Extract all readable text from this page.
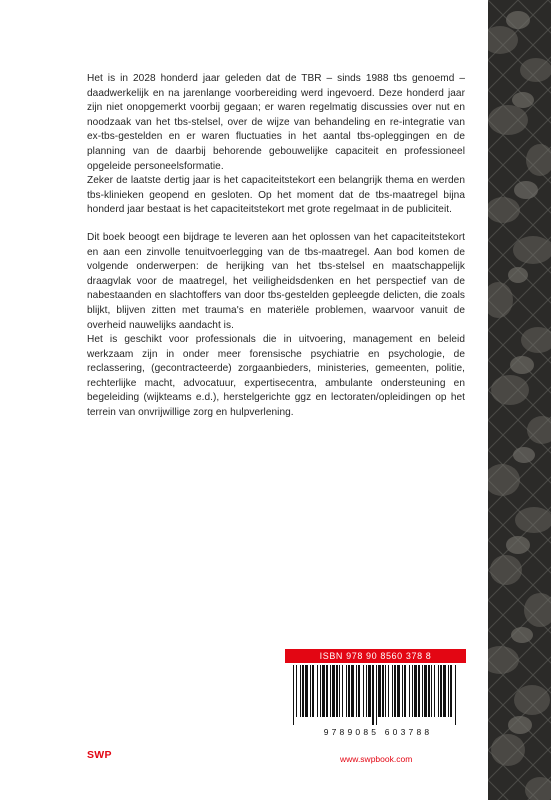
Het is in 2028 honderd jaar geleden dat de TBR – sinds 1988 tbs genoemd – daadwerkelijk en na jarenlange voorbereiding werd ingevoerd. Deze honderd jaar zijn niet onopgemerkt voorbij gegaan; er waren regelmatig discussies over nut en noodzaak van het tbs-stelsel, over de wijze van behandeling en re-integratie van ex-tbs-gestelden en er waren fluctuaties in het aantal tbs-opleggingen en de planning van de daarbij behorende gebouwelijke capaciteit en professioneel opgeleide personeelsformatie.

Zeker de laatste dertig jaar is het capaciteitstekort een belangrijk thema en werden tbs-klinieken geopend en gesloten. Op het moment dat de tbs-maatregel bijna honderd jaar bestaat is het capaciteitstekort met grote regelmaat in de publiciteit.

Dit boek beoogt een bijdrage te leveren aan het oplossen van het capaciteitstekort en aan een zinvolle tenuitvoerlegging van de tbs-maatregel. Aan bod komen de volgende onderwerpen: de herijking van het tbs-stelsel en maatschappelijk draagvlak voor de maatregel, het veiligheidsdenken en het perspectief van de nabestaanden en slachtoffers van door tbs-gestelden gepleegde delicten, die zoals blijkt, blijven zitten met trauma's en materiële problemen, waarvoor vanuit de overheid nauwelijks aandacht is.

Het is geschikt voor professionals die in uitvoering, management en beleid werkzaam zijn in onder meer forensische psychiatrie en psychologie, de reclassering, (gecontracteerde) zorgaanbieders, ministeries, gemeenten, politie, rechterlijke macht, advocatuur, expertisecentra, ambulante ondersteuning en begeleiding (wijkteams e.d.), herstelgerichte ggz en lectoraten/opleidingen op het terrein van onvrijwillige zorg en hulpverlening.

ISBN 978 90 8560 378 8
9789085 603788
SWP	www.swpbook.com
